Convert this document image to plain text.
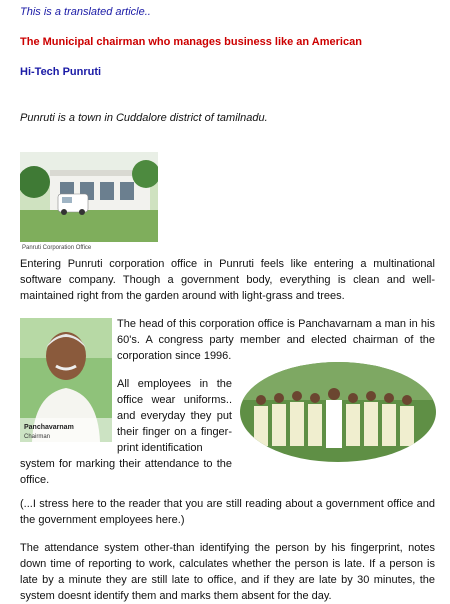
This is a translated article..
The Municipal chairman who manages business like an American
Hi-Tech Punruti
Punruti is a town in Cuddalore district of tamilnadu.
Panruti Corporation Office
Entering Punruti corporation office in Punruti feels like entering a multinational software company. Though a government body, everything is clean and well-maintained right from the garden around with light-grass and trees.
Panchavarnam
Chairman
The head of this corporation office is Panchavarnam a man in his 60's. A congress party member and elected chairman of the corporation since 1996.
All employees in the office wear uniforms.. and everyday they put their finger on a finger-print identification
system for marking their attendance to the office.
(...I stress here to the reader that you are still reading about a government office and the government employees here.)
The attendance system other-than identifying the person by his fingerprint, notes down time of reporting to work, calculates whether the person is late. If a person is late by a minute they are still late to office, and if they are late by 30 minutes, the system doesnt identify them and marks them absent for the day.
